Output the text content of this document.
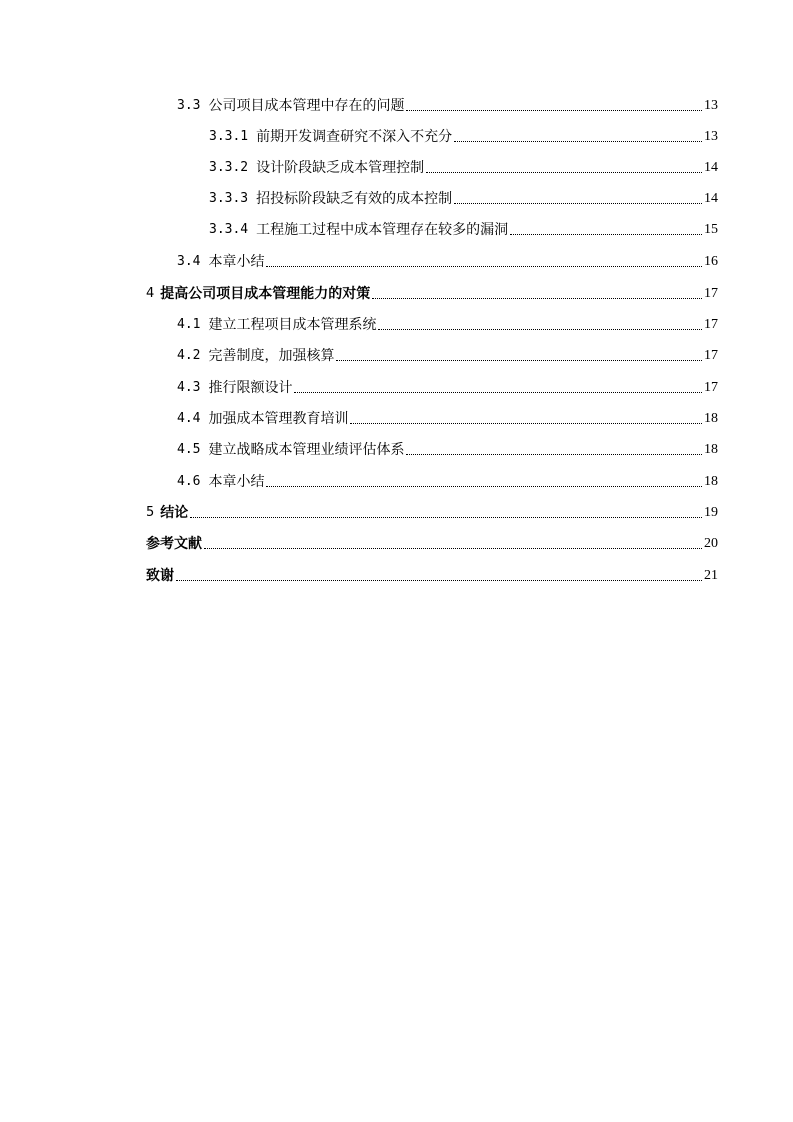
3.3 公司项目成本管理中存在的问题	13
3.3.1 前期开发调查研究不深入不充分	13
3.3.2 设计阶段缺乏成本管理控制	14
3.3.3 招投标阶段缺乏有效的成本控制	14
3.3.4 工程施工过程中成本管理存在较多的漏洞	15
3.4 本章小结	16
4 提高公司项目成本管理能力的对策	17
4.1 建立工程项目成本管理系统	17
4.2 完善制度，加强核算	17
4.3 推行限额设计	17
4.4 加强成本管理教育培训	18
4.5 建立战略成本管理业绩评估体系	18
4.6 本章小结	18
5 结论	19
参考文献	20
致谢	21
